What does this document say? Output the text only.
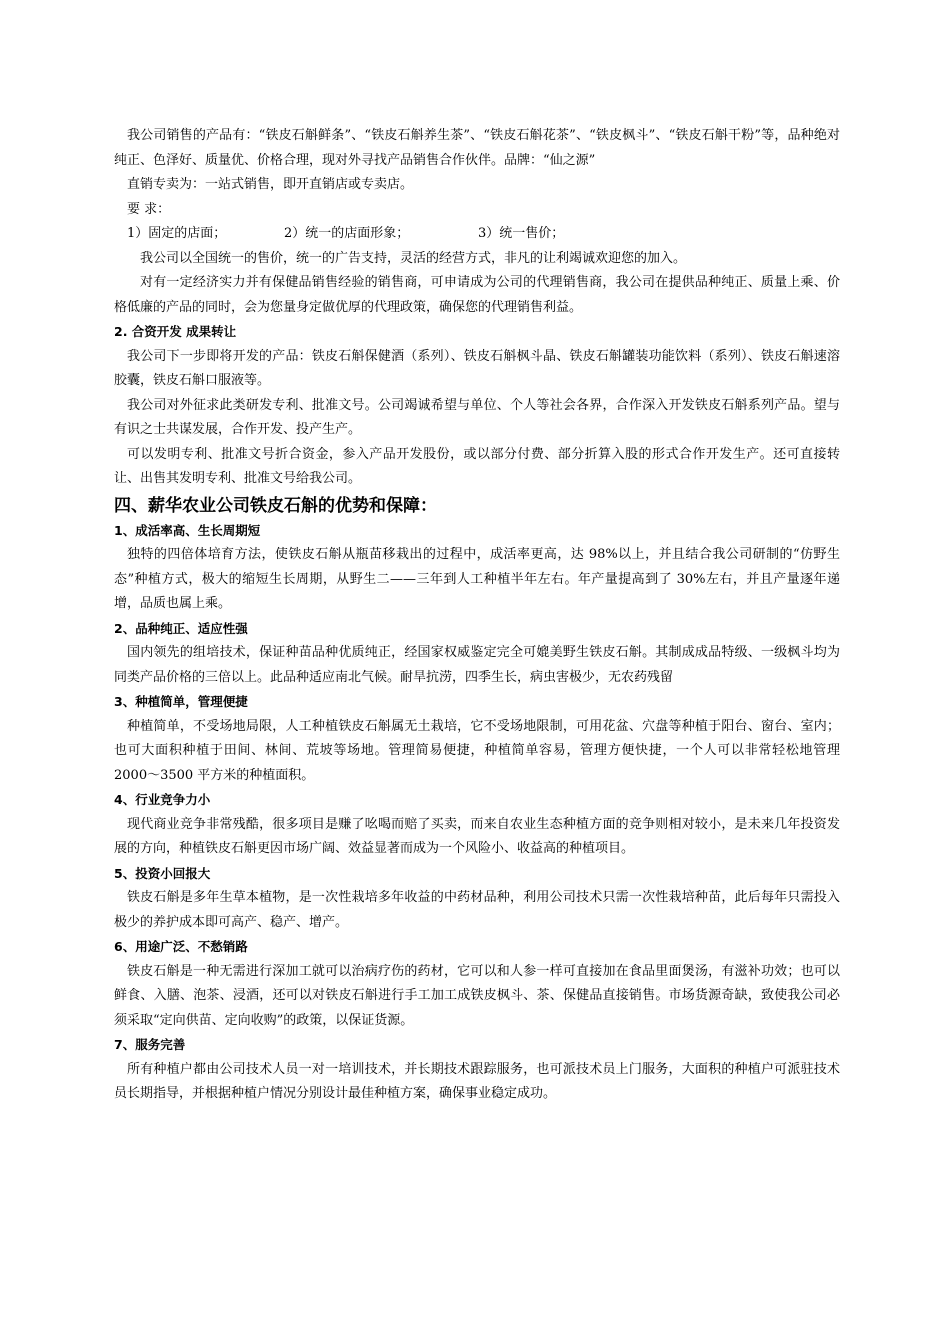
我公司销售的产品有：“铁皮石斛鲜条”、“铁皮石斛养生茶”、“铁皮石斛花茶”、“铁皮枫斗”、“铁皮石斛干粉”等，品种绝对纯正、色泽好、质量优、价格合理，现对外寻找产品销售合作伙伴。品牌：“仙之源”

直销专卖为：一站式销售，即开直销店或专卖店。

要 求：

1）固定的店面；	2）统一的店面形象；	3）统一售价；

我公司以全国统一的售价，统一的广告支持，灵活的经营方式，非凡的让利竭诚欢迎您的加入。

对有一定经济实力并有保健品销售经验的销售商，可申请成为公司的代理销售商，我公司在提供品种纯正、质量上乘、价格低廉的产品的同时，会为您量身定做优厚的代理政策，确保您的代理销售利益。

2. 合资开发 成果转让

我公司下一步即将开发的产品：铁皮石斛保健酒（系列）、铁皮石斛枫斗晶、铁皮石斛罐装功能饮料（系列）、铁皮石斛速溶胶囊，铁皮石斛口服液等。

我公司对外征求此类研发专利、批准文号。公司竭诚希望与单位、个人等社会各界，合作深入开发铁皮石斛系列产品。望与有识之士共谋发展，合作开发、投产生产。

可以发明专利、批准文号折合资金，参入产品开发股份，或以部分付费、部分折算入股的形式合作开发生产。还可直接转让、出售其发明专利、批准文号给我公司。

四、薪华农业公司铁皮石斛的优势和保障：

1、成活率高、生长周期短

独特的四倍体培育方法，使铁皮石斛从瓶苗移栽出的过程中，成活率更高，达 98%以上，并且结合我公司研制的“仿野生态”种植方式，极大的缩短生长周期，从野生二——三年到人工种植半年左右。年产量提高到了 30%左右，并且产量逐年递增，品质也属上乘。

2、品种纯正、适应性强

国内领先的组培技术，保证种苗品种优质纯正，经国家权威鉴定完全可媲美野生铁皮石斛。其制成成品特级、一级枫斗均为同类产品价格的三倍以上。此品种适应南北气候。耐旱抗涝，四季生长，病虫害极少，无农药残留

3、种植简单，管理便捷

种植简单，不受场地局限，人工种植铁皮石斛属无土栽培，它不受场地限制，可用花盆、穴盘等种植于阳台、窗台、室内；也可大面积种植于田间、林间、荒坡等场地。管理简易便捷，种植简单容易，管理方便快捷，一个人可以非常轻松地管理 2000～3500 平方米的种植面积。

4、行业竞争力小

现代商业竞争非常残酷，很多项目是赚了吆喝而赔了买卖，而来自农业生态种植方面的竞争则相对较小，是未来几年投资发展的方向，种植铁皮石斛更因市场广阔、效益显著而成为一个风险小、收益高的种植项目。

5、投资小回报大

铁皮石斛是多年生草本植物，是一次性栽培多年收益的中药材品种，利用公司技术只需一次性栽培种苗，此后每年只需投入极少的养护成本即可高产、稳产、增产。

6、用途广泛、不愁销路

铁皮石斛是一种无需进行深加工就可以治病疗伤的药材，它可以和人参一样可直接加在食品里面煲汤，有滋补功效；也可以鲜食、入膳、泡茶、浸酒，还可以对铁皮石斛进行手工加工成铁皮枫斗、茶、保健品直接销售。市场货源奇缺，致使我公司必须采取“定向供苗、定向收购”的政策，以保证货源。

7、服务完善

所有种植户都由公司技术人员一对一培训技术，并长期技术跟踪服务，也可派技术员上门服务，大面积的种植户可派驻技术员长期指导，并根据种植户情况分别设计最佳种植方案，确保事业稳定成功。
